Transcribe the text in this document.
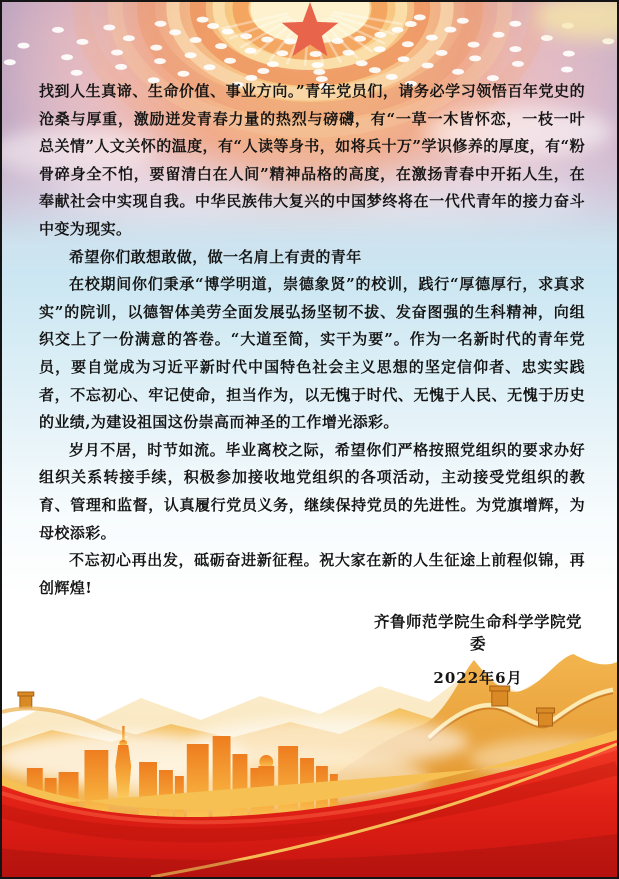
找到人生真谛、生命价值、事业方向。”青年党员们，请务必学习领悟百年党史的沧桑与厚重，激励迸发青春力量的热烈与磅礴，有“一草一木皆怀恋，一枝一叶总关情”人文关怀的温度，有“人读等身书，如将兵十万”学识修养的厚度，有“粉骨碎身全不怕，要留清白在人间”精神品格的高度，在激扬青春中开拓人生，在奉献社会中实现自我。中华民族伟大复兴的中国梦终将在一代代青年的接力奋斗中变为现实。

希望你们敢想敢做，做一名肩上有责的青年

在校期间你们秉承“博学明道，崇德象贤”的校训，践行“厚德厚行，求真求实”的院训，以德智体美劳全面发展弘扬坚韧不拔、发奋图强的生科精神，向组织交上了一份满意的答卷。“大道至简，实干为要”。作为一名新时代的青年党员，要自觉成为习近平新时代中国特色社会主义思想的坚定信仰者、忠实实践者，不忘初心、牢记使命，担当作为，以无愧于时代、无愧于人民、无愧于历史的业绩,为建设祖国这份崇高而神圣的工作增光添彩。

岁月不居，时节如流。毕业离校之际，希望你们严格按照党组织的要求办好组织关系转接手续，积极参加接收地党组织的各项活动，主动接受党组织的教育、管理和监督，认真履行党员义务，继续保持党员的先进性。为党旗增辉，为母校添彩。

不忘初心再出发，砥砺奋进新征程。祝大家在新的人生征途上前程似锦，再创辉煌!

齐鲁师范学院生命科学学院党委
2022年6月
